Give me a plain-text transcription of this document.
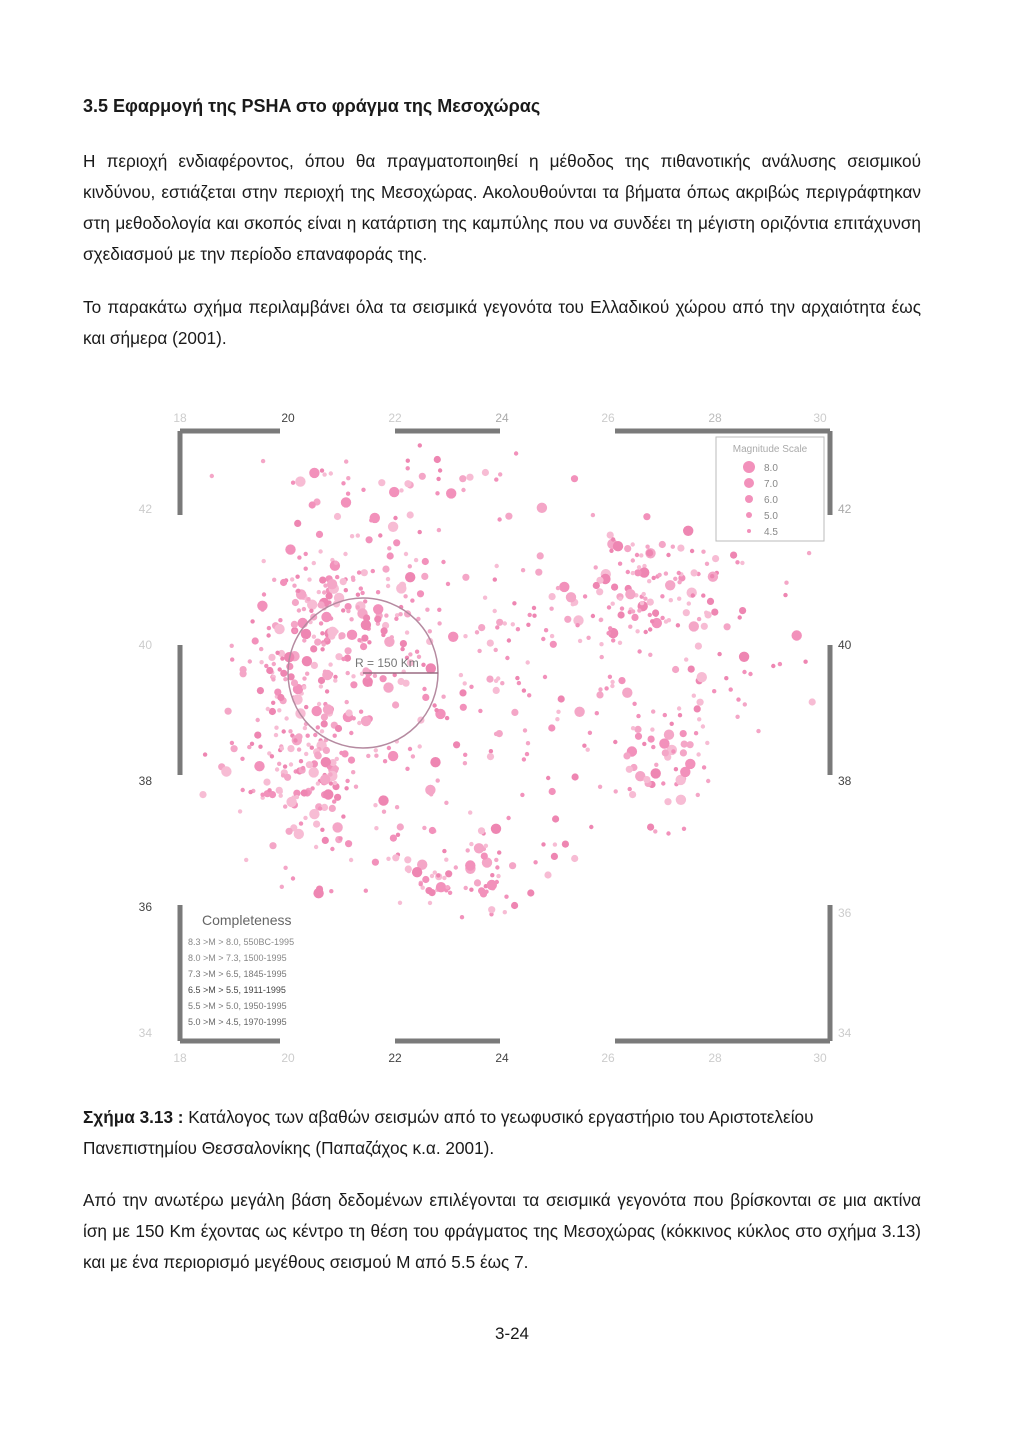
3.5 Εφαρμογή της PSHA στο φράγμα της Μεσοχώρας

Η περιοχή ενδιαφέροντος, όπου θα πραγματοποιηθεί η μέθοδος της πιθανοτικής ανάλυσης σεισμικού κινδύνου, εστιάζεται στην περιοχή της Μεσοχώρας. Ακολουθούνται τα βήματα όπως ακριβώς περιγράφτηκαν στη μεθοδολογία και σκοπός είναι η κατάρτιση της καμπύλης που να συνδέει τη μέγιστη οριζόντια επιτάχυνση σχεδιασμού με την περίοδο επαναφοράς της.

Το παρακάτω σχήμα περιλαμβάνει όλα τα σεισμικά γεγονότα του Ελλαδικού χώρου από την αρχαιότητα έως και σήμερα (2001).

R = 150 Km
18	20	22	24	26	28	30
18	20	22	24	26	28	30
42
40
38
36
34
42
40
38
36
34
Magnitude Scale
8.0
7.0
6.0
5.0
4.5
Completeness
8.3 >M > 8.0, 550BC-1995
8.0 >M > 7.3, 1500-1995
7.3 >M > 6.5, 1845-1995
6.5 >M > 5.5, 1911-1995
5.5 >M > 5.0, 1950-1995
5.0 >M > 4.5, 1970-1995

Σχήμα 3.13 : Κατάλογος των αβαθών σεισμών από το γεωφυσικό εργαστήριο του Αριστοτελείου Πανεπιστημίου Θεσσαλονίκης (Παπαζάχος κ.α. 2001).

Από την ανωτέρω μεγάλη βάση δεδομένων επιλέγονται τα σεισμικά γεγονότα που βρίσκονται σε μια ακτίνα ίση με 150 Km έχοντας ως κέντρο τη θέση του φράγματος της Μεσοχώρας (κόκκινος κύκλος στο σχήμα 3.13) και με ένα περιορισμό μεγέθους σεισμού Μ από 5.5 έως 7.

3-24
